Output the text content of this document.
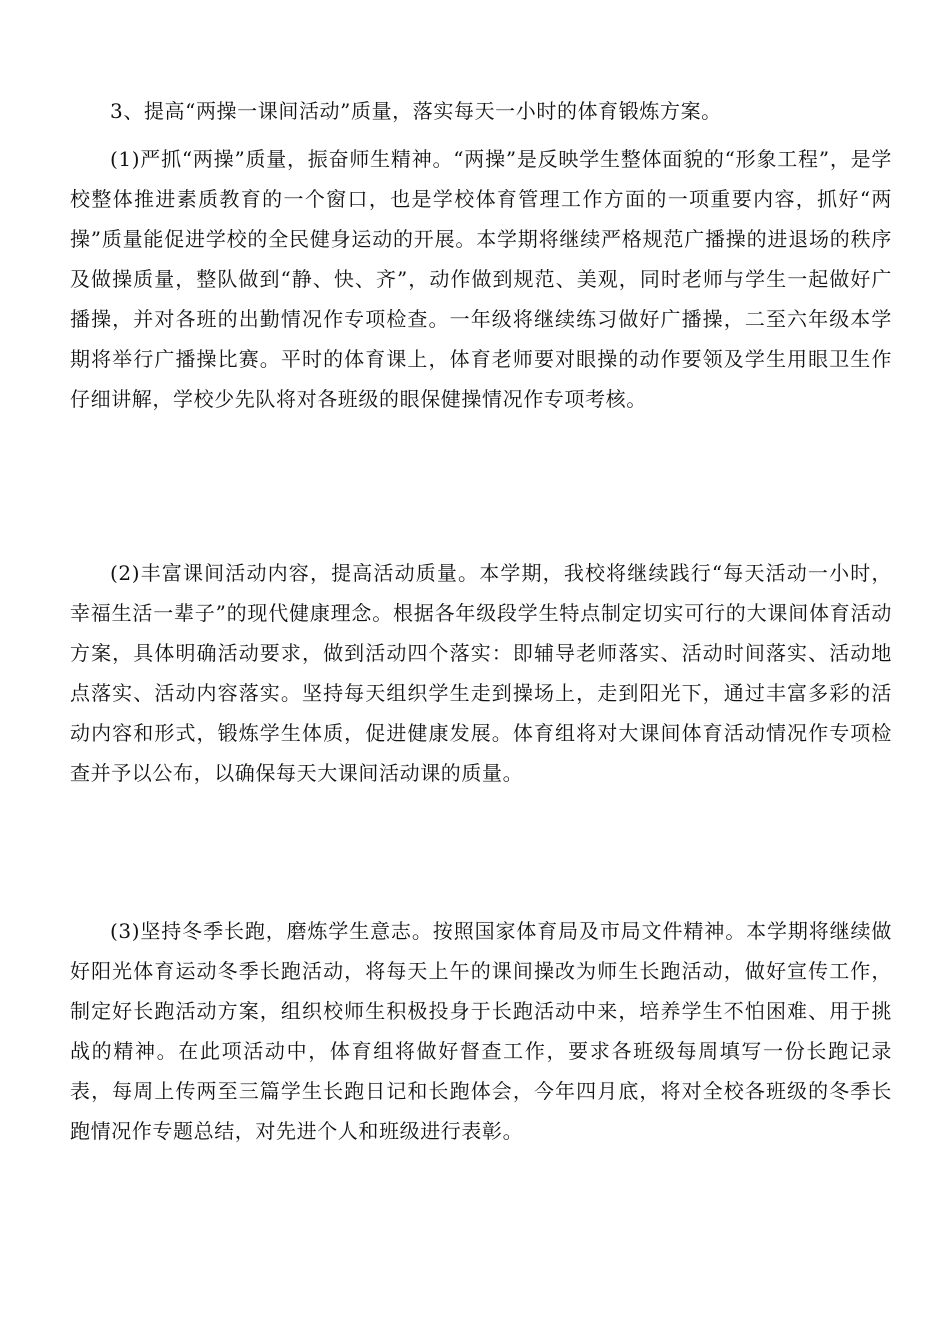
3、提高“两操一课间活动”质量，落实每天一小时的体育锻炼方案。

(1)严抓“两操”质量，振奋师生精神。“两操”是反映学生整体面貌的“形象工程”，是学校整体推进素质教育的一个窗口，也是学校体育管理工作方面的一项重要内容，抓好“两操”质量能促进学校的全民健身运动的开展。本学期将继续严格规范广播操的进退场的秩序及做操质量，整队做到“静、快、齐”，动作做到规范、美观，同时老师与学生一起做好广播操，并对各班的出勤情况作专项检查。一年级将继续练习做好广播操，二至六年级本学期将举行广播操比赛。平时的体育课上，体育老师要对眼操的动作要领及学生用眼卫生作仔细讲解，学校少先队将对各班级的眼保健操情况作专项考核。

(2)丰富课间活动内容，提高活动质量。本学期，我校将继续践行“每天活动一小时，幸福生活一辈子”的现代健康理念。根据各年级段学生特点制定切实可行的大课间体育活动方案，具体明确活动要求，做到活动四个落实：即辅导老师落实、活动时间落实、活动地点落实、活动内容落实。坚持每天组织学生走到操场上，走到阳光下，通过丰富多彩的活动内容和形式，锻炼学生体质，促进健康发展。体育组将对大课间体育活动情况作专项检查并予以公布，以确保每天大课间活动课的质量。

(3)坚持冬季长跑，磨炼学生意志。按照国家体育局及市局文件精神。本学期将继续做好阳光体育运动冬季长跑活动，将每天上午的课间操改为师生长跑活动，做好宣传工作，制定好长跑活动方案，组织校师生积极投身于长跑活动中来，培养学生不怕困难、用于挑战的精神。在此项活动中，体育组将做好督查工作，要求各班级每周填写一份长跑记录表，每周上传两至三篇学生长跑日记和长跑体会，今年四月底，将对全校各班级的冬季长跑情况作专题总结，对先进个人和班级进行表彰。
